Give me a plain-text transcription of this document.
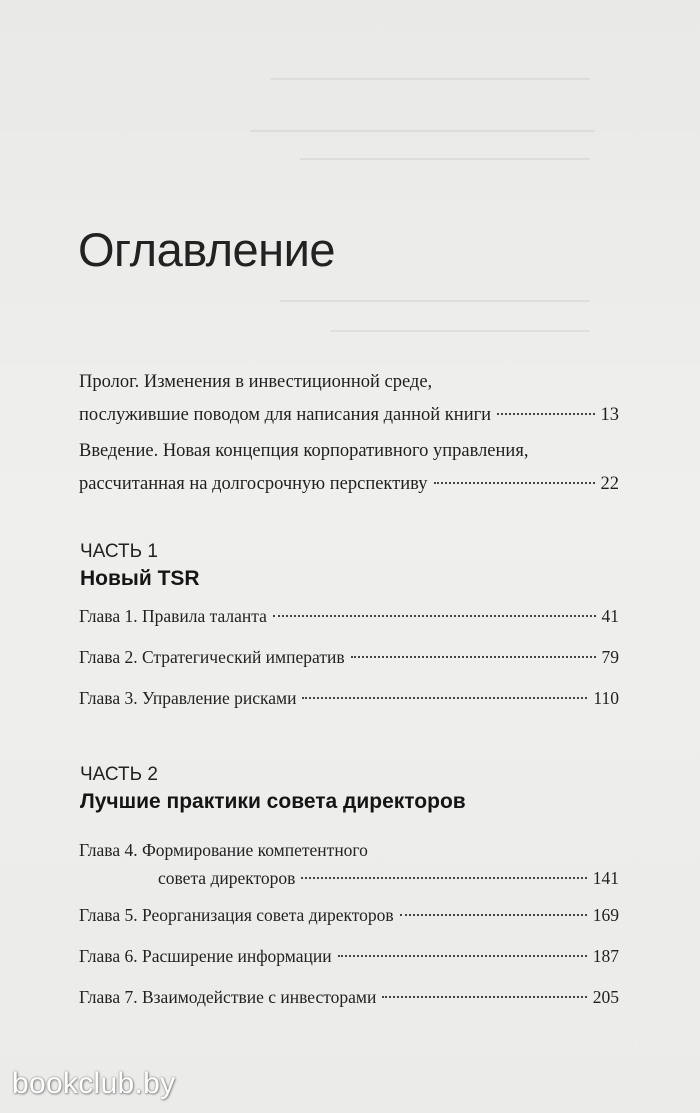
Оглавление
Пролог. Изменения в инвестиционной среде,
послужившие поводом для написания данной книги	13
Введение. Новая концепция корпоративного управления,
рассчитанная на долгосрочную перспективу	22
ЧАСТЬ 1
Новый TSR
Глава 1. Правила таланта	41
Глава 2. Стратегический императив	79
Глава 3. Управление рисками	110
ЧАСТЬ 2
Лучшие практики совета директоров
Глава 4. Формирование компетентного
совета директоров	141
Глава 5. Реорганизация совета директоров	169
Глава 6. Расширение информации	187
Глава 7. Взаимодействие с инвесторами	205
bookclub.by
